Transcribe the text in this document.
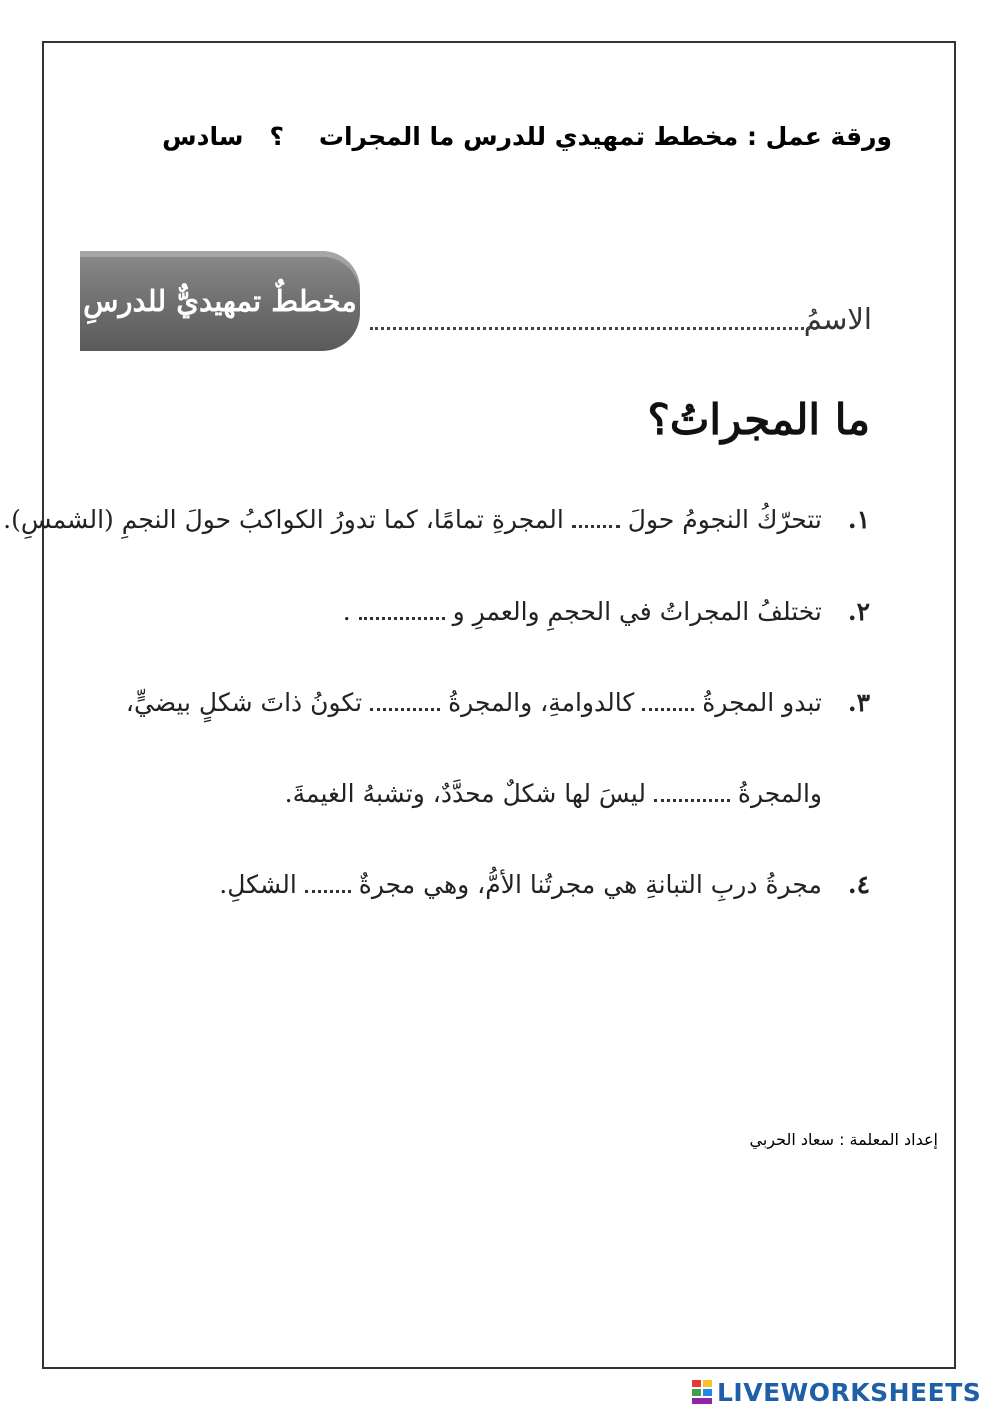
ورقة عمل : مخطط تمهيدي للدرس ما المجرات    ؟   سادس
مخططٌ تمهيديٌّ للدرسِ
الاسمُ
ما المجراتُ؟
١. تتحرّكُ النجومُ حولَ  المجرةِ تمامًا، كما تدورُ الكواكبُ حولَ النجمِ (الشمسِ).
٢. تختلفُ المجراتُ في الحجمِ والعمرِ و  .
٣. تبدو المجرةُ  كالدوامةِ، والمجرةُ  تكونُ ذاتَ شكلٍ بيضيٍّ،
والمجرةُ  ليسَ لها شكلٌ محدَّدٌ، وتشبهُ الغيمةَ.
٤. مجرةُ دربِ التبانةِ هي مجرتُنا الأمُّ، وهي مجرةٌ  الشكلِ.
إعداد المعلمة : سعاد الحربي
LIVEWORKSHEETS
